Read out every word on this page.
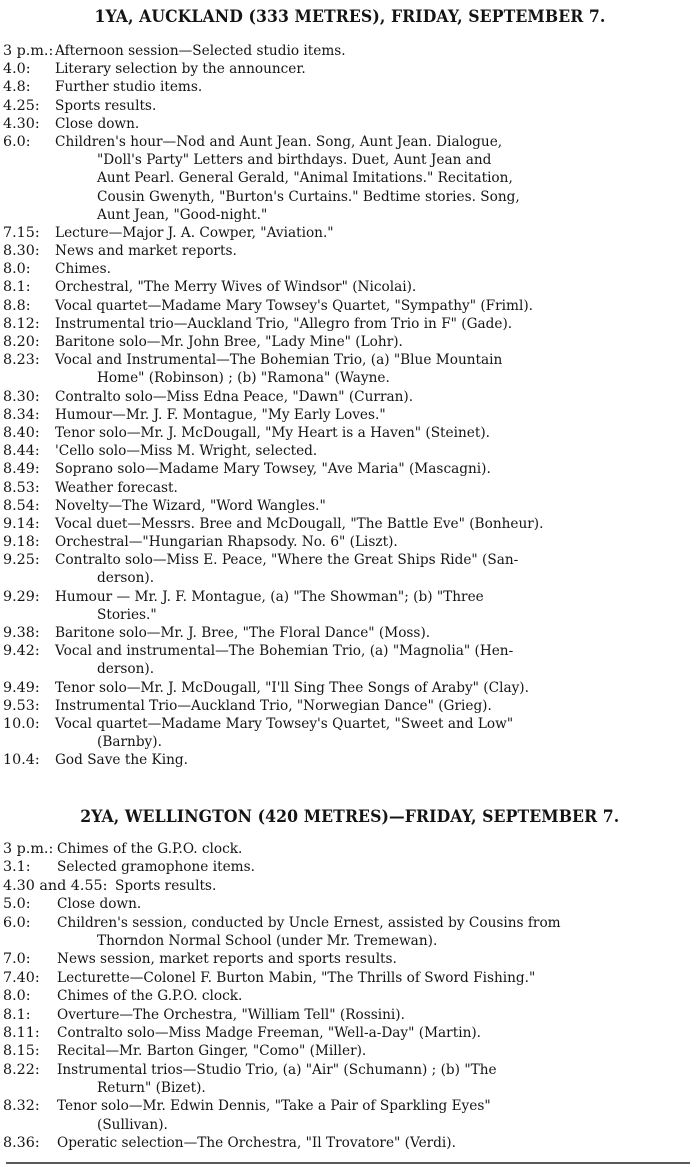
1YA, AUCKLAND (333 METRES), FRIDAY, SEPTEMBER 7.
3 p.m.: Afternoon session—Selected studio items.
4.0: Literary selection by the announcer.
4.8: Further studio items.
4.25: Sports results.
4.30: Close down.
6.0: Children's hour—Nod and Aunt Jean. Song, Aunt Jean. Dialogue,
"Doll's Party" Letters and birthdays. Duet, Aunt Jean and
Aunt Pearl. General Gerald, "Animal Imitations." Recitation,
Cousin Gwenyth, "Burton's Curtains." Bedtime stories. Song,
Aunt Jean, "Good-night."
7.15: Lecture—Major J. A. Cowper, "Aviation."
8.30: News and market reports.
8.0: Chimes.
8.1: Orchestral, "The Merry Wives of Windsor" (Nicolai).
8.8: Vocal quartet—Madame Mary Towsey's Quartet, "Sympathy" (Friml).
8.12: Instrumental trio—Auckland Trio, "Allegro from Trio in F" (Gade).
8.20: Baritone solo—Mr. John Bree, "Lady Mine" (Lohr).
8.23: Vocal and Instrumental—The Bohemian Trio, (a) "Blue Mountain
Home" (Robinson) ; (b) "Ramona" (Wayne.
8.30: Contralto solo—Miss Edna Peace, "Dawn" (Curran).
8.34: Humour—Mr. J. F. Montague, "My Early Loves."
8.40: Tenor solo—Mr. J. McDougall, "My Heart is a Haven" (Steinet).
8.44: 'Cello solo—Miss M. Wright, selected.
8.49: Soprano solo—Madame Mary Towsey, "Ave Maria" (Mascagni).
8.53: Weather forecast.
8.54: Novelty—The Wizard, "Word Wangles."
9.14: Vocal duet—Messrs. Bree and McDougall, "The Battle Eve" (Bonheur).
9.18: Orchestral—"Hungarian Rhapsody. No. 6" (Liszt).
9.25: Contralto solo—Miss E. Peace, "Where the Great Ships Ride" (San-
derson).
9.29: Humour — Mr. J. F. Montague, (a) "The Showman"; (b) "Three
Stories."
9.38: Baritone solo—Mr. J. Bree, "The Floral Dance" (Moss).
9.42: Vocal and instrumental—The Bohemian Trio, (a) "Magnolia" (Hen-
derson).
9.49: Tenor solo—Mr. J. McDougall, "I'll Sing Thee Songs of Araby" (Clay).
9.53: Instrumental Trio—Auckland Trio, "Norwegian Dance" (Grieg).
10.0: Vocal quartet—Madame Mary Towsey's Quartet, "Sweet and Low"
(Barnby).
10.4: God Save the King.
2YA, WELLINGTON (420 METRES)—FRIDAY, SEPTEMBER 7.
3 p.m.: Chimes of the G.P.O. clock.
3.1: Selected gramophone items.
4.30 and 4.55: Sports results.
5.0: Close down.
6.0: Children's session, conducted by Uncle Ernest, assisted by Cousins from
Thorndon Normal School (under Mr. Tremewan).
7.0: News session, market reports and sports results.
7.40: Lecturette—Colonel F. Burton Mabin, "The Thrills of Sword Fishing."
8.0: Chimes of the G.P.O. clock.
8.1: Overture—The Orchestra, "William Tell" (Rossini).
8.11: Contralto solo—Miss Madge Freeman, "Well-a-Day" (Martin).
8.15: Recital—Mr. Barton Ginger, "Como" (Miller).
8.22: Instrumental trios—Studio Trio, (a) "Air" (Schumann) ; (b) "The
Return" (Bizet).
8.32: Tenor solo—Mr. Edwin Dennis, "Take a Pair of Sparkling Eyes"
(Sullivan).
8.36: Operatic selection—The Orchestra, "Il Trovatore" (Verdi).
